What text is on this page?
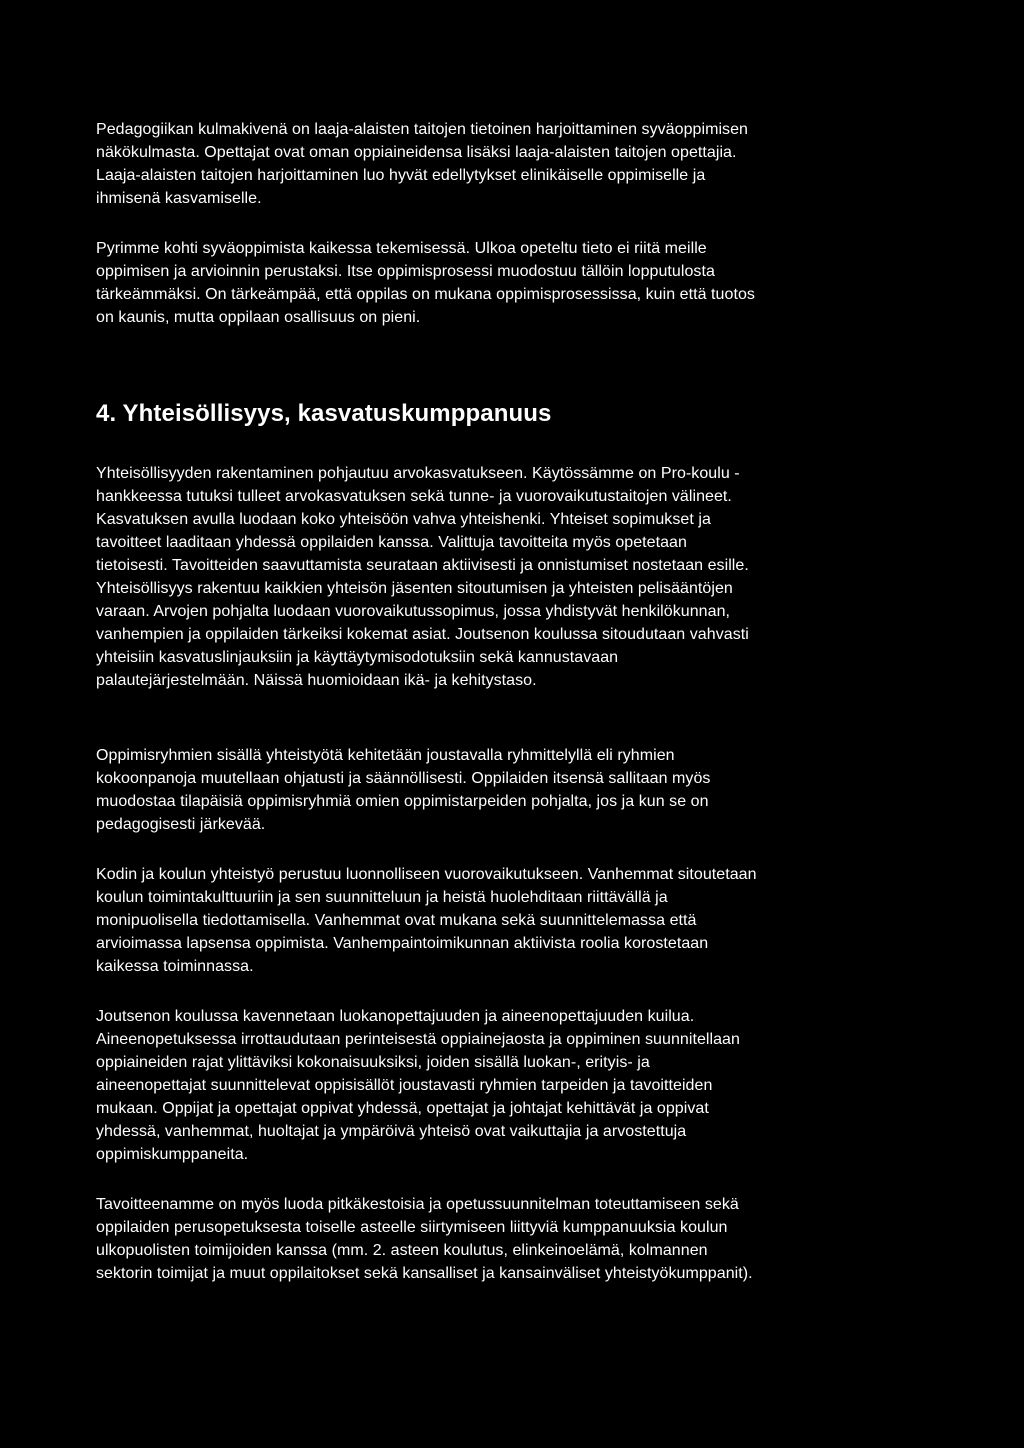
Pedagogiikan kulmakivenä on laaja-alaisten taitojen tietoinen harjoittaminen syväoppimisen
näkökulmasta. Opettajat ovat oman oppiaineidensa lisäksi laaja-alaisten taitojen opettajia.
Laaja-alaisten taitojen harjoittaminen luo hyvät edellytykset elinikäiselle oppimiselle ja
ihmisenä kasvamiselle.

Pyrimme kohti syväoppimista kaikessa tekemisessä. Ulkoa opeteltu tieto ei riitä meille
oppimisen ja arvioinnin perustaksi. Itse oppimisprosessi muodostuu tällöin lopputulosta
tärkeämmäksi. On tärkeämpää, että oppilas on mukana oppimisprosessissa, kuin että tuotos
on kaunis, mutta oppilaan osallisuus on pieni.

4. Yhteisöllisyys, kasvatuskumppanuus

Yhteisöllisyyden rakentaminen pohjautuu arvokasvatukseen. Käytössämme on Pro-koulu -
hankkeessa tutuksi tulleet arvokasvatuksen sekä tunne- ja vuorovaikutustaitojen välineet.
Kasvatuksen avulla luodaan koko yhteisöön vahva yhteishenki. Yhteiset sopimukset ja
tavoitteet laaditaan yhdessä oppilaiden kanssa. Valittuja tavoitteita myös opetetaan
tietoisesti. Tavoitteiden saavuttamista seurataan aktiivisesti ja onnistumiset nostetaan esille.
Yhteisöllisyys rakentuu kaikkien yhteisön jäsenten sitoutumisen ja yhteisten pelisääntöjen
varaan. Arvojen pohjalta luodaan vuorovaikutussopimus, jossa yhdistyvät henkilökunnan,
vanhempien ja oppilaiden tärkeiksi kokemat asiat. Joutsenon koulussa sitoudutaan vahvasti
yhteisiin kasvatuslinjauksiin ja käyttäytymisodotuksiin sekä kannustavaan
palautejärjestelmään. Näissä huomioidaan ikä- ja kehitystaso.

Oppimisryhmien sisällä yhteistyötä kehitetään joustavalla ryhmittelyllä eli ryhmien
kokoonpanoja muutellaan ohjatusti ja säännöllisesti. Oppilaiden itsensä sallitaan myös
muodostaa tilapäisiä oppimisryhmiä omien oppimistarpeiden pohjalta, jos ja kun se on
pedagogisesti järkevää.

Kodin ja koulun yhteistyö perustuu luonnolliseen vuorovaikutukseen. Vanhemmat sitoutetaan
koulun toimintakulttuuriin ja sen suunnitteluun ja heistä huolehditaan riittävällä ja
monipuolisella tiedottamisella. Vanhemmat ovat mukana sekä suunnittelemassa että
arvioimassa lapsensa oppimista. Vanhempaintoimikunnan aktiivista roolia korostetaan
kaikessa toiminnassa.

Joutsenon koulussa kavennetaan luokanopettajuuden ja aineenopettajuuden kuilua.
Aineenopetuksessa irrottaudutaan perinteisestä oppiainejaosta ja oppiminen suunnitellaan
oppiaineiden rajat ylittäviksi kokonaisuuksiksi, joiden sisällä luokan-, erityis- ja
aineenopettajat suunnittelevat oppisisällöt joustavasti ryhmien tarpeiden ja tavoitteiden
mukaan. Oppijat ja opettajat oppivat yhdessä, opettajat ja johtajat kehittävät ja oppivat
yhdessä, vanhemmat, huoltajat ja ympäröivä yhteisö ovat vaikuttajia ja arvostettuja
oppimiskumppaneita.

Tavoitteenamme on myös luoda pitkäkestoisia ja opetussuunnitelman toteuttamiseen sekä
oppilaiden perusopetuksesta toiselle asteelle siirtymiseen liittyviä kumppanuuksia koulun
ulkopuolisten toimijoiden kanssa (mm. 2. asteen koulutus, elinkeinoelämä, kolmannen
sektorin toimijat ja muut oppilaitokset sekä kansalliset ja kansainväliset yhteistyökumppanit).
